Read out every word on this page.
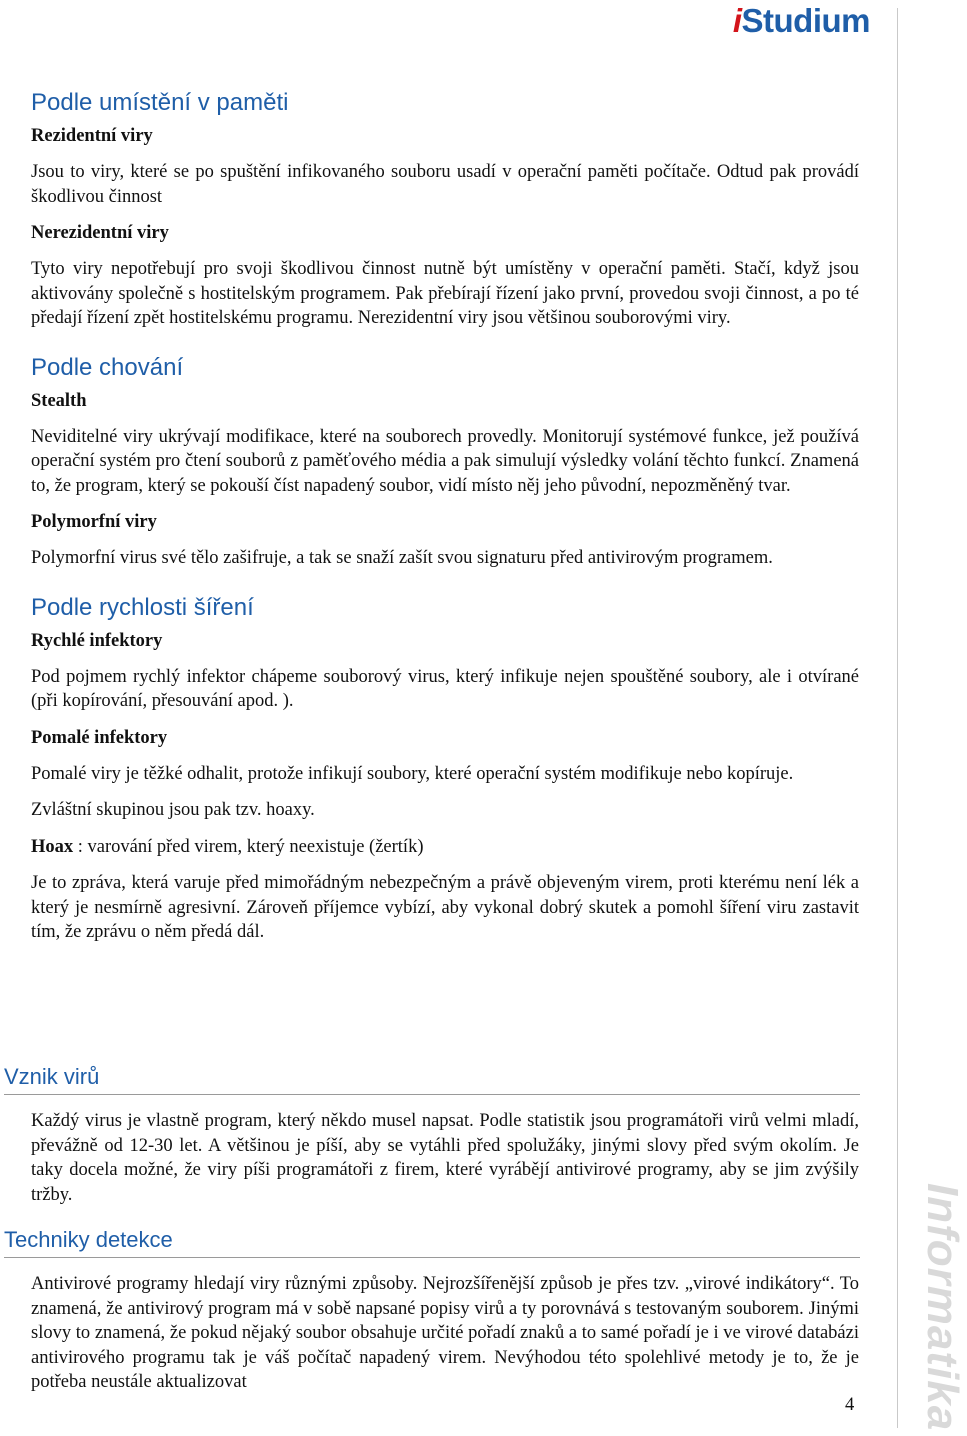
iStudium
Informatika
Podle umístění v paměti
Rezidentní viry

Jsou to viry, které se po spuštění infikovaného souboru usadí v operační paměti počítače. Odtud pak provádí škodlivou činnost

Nerezidentní viry

Tyto viry nepotřebují pro svoji škodlivou činnost nutně být umístěny v operační paměti. Stačí, když jsou aktivovány společně s hostitelským programem. Pak přebírají řízení jako první, provedou svoji činnost, a po té předají řízení zpět hostitelskému programu. Nerezidentní viry jsou většinou souborovými viry.

Podle chování
Stealth

Neviditelné viry ukrývají modifikace, které na souborech provedly. Monitorují systémové funkce, jež používá operační systém pro čtení souborů z paměťového média a pak simulují výsledky volání těchto funkcí. Znamená to, že program, který se pokouší číst napadený soubor, vidí místo něj jeho původní, nepozměněný tvar.

Polymorfní viry

Polymorfní virus své tělo zašifruje, a tak se snaží zašít svou signaturu před antivirovým programem.

Podle rychlosti šíření
Rychlé infektory

Pod pojmem rychlý infektor chápeme souborový virus, který infikuje nejen spouštěné soubory, ale i otvírané (při kopírování, přesouvání apod. ).

Pomalé infektory

Pomalé viry je těžké odhalit, protože infikují soubory, které operační systém modifikuje nebo kopíruje.

Zvláštní skupinou jsou pak tzv. hoaxy.

Hoax : varování před virem, který neexistuje (žertík)

Je to zpráva, která varuje před mimořádným nebezpečným a právě objeveným virem, proti kterému není lék a který je nesmírně agresivní. Zároveň příjemce vybízí, aby vykonal dobrý skutek a pomohl šíření viru zastavit tím, že zprávu o něm předá dál.

Vznik virů

Každý virus je vlastně program, který někdo musel napsat. Podle statistik jsou programátoři virů velmi mladí, převážně od 12-30 let. A většinou je píší, aby se vytáhli před spolužáky, jinými slovy před svým okolím. Je taky docela možné, že viry píši programátoři z firem, které vyrábějí antivirové programy, aby se jim zvýšily tržby.

Techniky detekce

Antivirové programy hledají viry různými způsoby. Nejrozšířenější způsob je přes tzv. „virové indikátory“. To znamená, že antivirový program má v sobě napsané popisy virů a ty porovnává s testovaným souborem. Jinými slovy to znamená, že pokud nějaký soubor obsahuje určité pořadí znaků a to samé pořadí je i ve virové databázi antivirového programu tak je váš počítač napadený virem. Nevýhodou této spolehlivé metody je to, že je potřeba neustále aktualizovat

4
